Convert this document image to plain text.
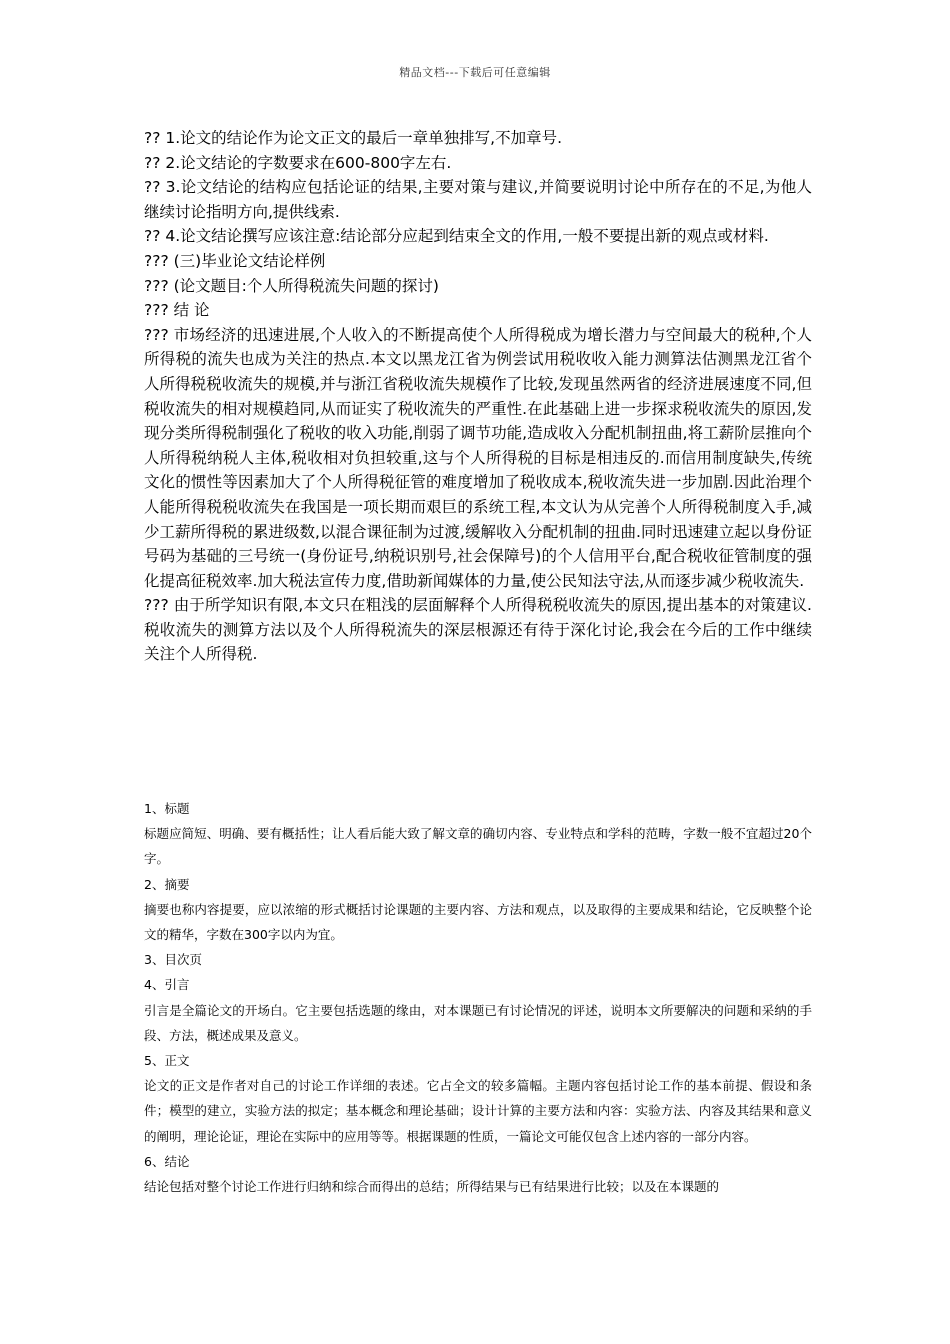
精品文档---下载后可任意编辑

?? 1.论文的结论作为论文正文的最后一章单独排写,不加章号.

?? 2.论文结论的字数要求在600-800字左右.

?? 3.论文结论的结构应包括论证的结果,主要对策与建议,并简要说明讨论中所存在的不足,为他人继续讨论指明方向,提供线索.

?? 4.论文结论撰写应该注意:结论部分应起到结束全文的作用,一般不要提出新的观点或材料.

??? (三)毕业论文结论样例

??? (论文题目:个人所得税流失问题的探讨)

??? 结 论

??? 市场经济的迅速进展,个人收入的不断提高使个人所得税成为增长潜力与空间最大的税种,个人所得税的流失也成为关注的热点.本文以黑龙江省为例尝试用税收收入能力测算法估测黑龙江省个人所得税税收流失的规模,并与浙江省税收流失规模作了比较,发现虽然两省的经济进展速度不同,但税收流失的相对规模趋同,从而证实了税收流失的严重性.在此基础上进一步探求税收流失的原因,发现分类所得税制强化了税收的收入功能,削弱了调节功能,造成收入分配机制扭曲,将工薪阶层推向个人所得税纳税人主体,税收相对负担较重,这与个人所得税的目标是相违反的.而信用制度缺失,传统文化的惯性等因素加大了个人所得税征管的难度增加了税收成本,税收流失进一步加剧.因此治理个人能所得税税收流失在我国是一项长期而艰巨的系统工程,本文认为从完善个人所得税制度入手,减少工薪所得税的累进级数,以混合课征制为过渡,缓解收入分配机制的扭曲.同时迅速建立起以身份证号码为基础的三号统一(身份证号,纳税识别号,社会保障号)的个人信用平台,配合税收征管制度的强化提高征税效率.加大税法宣传力度,借助新闻媒体的力量,使公民知法守法,从而逐步减少税收流失.

??? 由于所学知识有限,本文只在粗浅的层面解释个人所得税税收流失的原因,提出基本的对策建议.税收流失的测算方法以及个人所得税流失的深层根源还有待于深化讨论,我会在今后的工作中继续关注个人所得税.

1、标题

标题应简短、明确、要有概括性；让人看后能大致了解文章的确切内容、专业特点和学科的范畴，字数一般不宜超过20个字。

2、摘要

摘要也称内容提要，应以浓缩的形式概括讨论课题的主要内容、方法和观点，以及取得的主要成果和结论，它反映整个论文的精华，字数在300字以内为宜。

3、目次页

4、引言

引言是全篇论文的开场白。它主要包括选题的缘由，对本课题已有讨论情况的评述，说明本文所要解决的问题和采纳的手段、方法，概述成果及意义。

5、正文

论文的正文是作者对自己的讨论工作详细的表述。它占全文的较多篇幅。主题内容包括讨论工作的基本前提、假设和条件；模型的建立，实验方法的拟定；基本概念和理论基础；设计计算的主要方法和内容：实验方法、内容及其结果和意义的阐明，理论论证，理论在实际中的应用等等。根据课题的性质，一篇论文可能仅包含上述内容的一部分内容。

6、结论

结论包括对整个讨论工作进行归纳和综合而得出的总结；所得结果与已有结果进行比较；以及在本课题的
